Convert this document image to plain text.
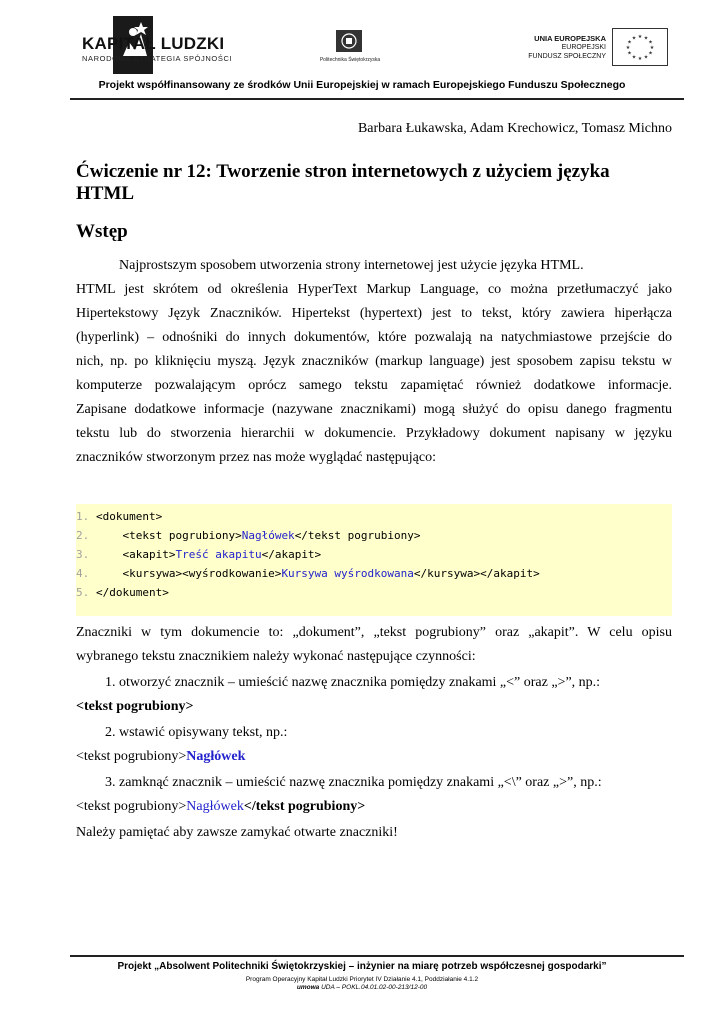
KAPITAŁ LUDZKI
NARODOWA STRATEGIA SPÓJNOŚCI	Politechnika Świętokrzyska
UNIA EUROPEJSKA
EUROPEJSKI
FUNDUSZ SPOŁECZNY
★ ★
★
★
★
★
★
★
★
★
★
★
Projekt współfinansowany ze środków Unii Europejskiej w ramach Europejskiego Funduszu Społecznego
Barbara Łukawska, Adam Krechowicz, Tomasz Michno
Ćwiczenie nr 12: Tworzenie stron internetowych z użyciem języka HTML
Wstęp
Najprostszym sposobem utworzenia strony internetowej jest użycie języka HTML.
HTML jest skrótem od określenia HyperText Markup Language, co można przetłumaczyć jako
Hipertekstowy Język Znaczników. Hipertekst (hypertext) jest to tekst, który zawiera hiperłącza
(hyperlink) – odnośniki do innych dokumentów, które pozwalają na natychmiastowe przejście do
nich, np. po kliknięciu myszą. Język znaczników (markup language) jest sposobem zapisu tekstu w
komputerze pozwalającym oprócz samego tekstu zapamiętać również dodatkowe informacje.
Zapisane dodatkowe informacje (nazywane znacznikami) mogą służyć do opisu danego fragmentu
tekstu lub do stworzenia hierarchii w dokumencie. Przykładowy dokument napisany w języku
znaczników stworzonym przez nas może wyglądać następująco:
1. <dokument>
2.    <tekst pogrubiony>Nagłówek</tekst pogrubiony>
3.    <akapit>Treść akapitu</akapit>
4.    <kursywa><wyśrodkowanie>Kursywa wyśrodkowana</kursywa></akapit>
5. </dokument>
Znaczniki w tym dokumencie to: „dokument”, „tekst pogrubiony” oraz „akapit”. W celu opisu
wybranego tekstu znacznikiem należy wykonać następujące czynności:
1. otworzyć znacznik – umieścić nazwę znacznika pomiędzy znakami „<” oraz „>”, np.:
<tekst pogrubiony>
2. wstawić opisywany tekst, np.:
<tekst pogrubiony>Nagłówek
3. zamknąć znacznik – umieścić nazwę znacznika pomiędzy znakami „<\” oraz „>”, np.:
<tekst pogrubiony>Nagłówek</tekst pogrubiony>
Należy pamiętać aby zawsze zamykać otwarte znaczniki!
Projekt „Absolwent Politechniki Świętokrzyskiej – inżynier na miarę potrzeb współczesnej gospodarki”
Program Operacyjny Kapitał Ludzki Priorytet IV Działanie 4.1, Poddziałanie 4.1.2
umowa UDA – POKL.04.01.02-00-213/12-00
